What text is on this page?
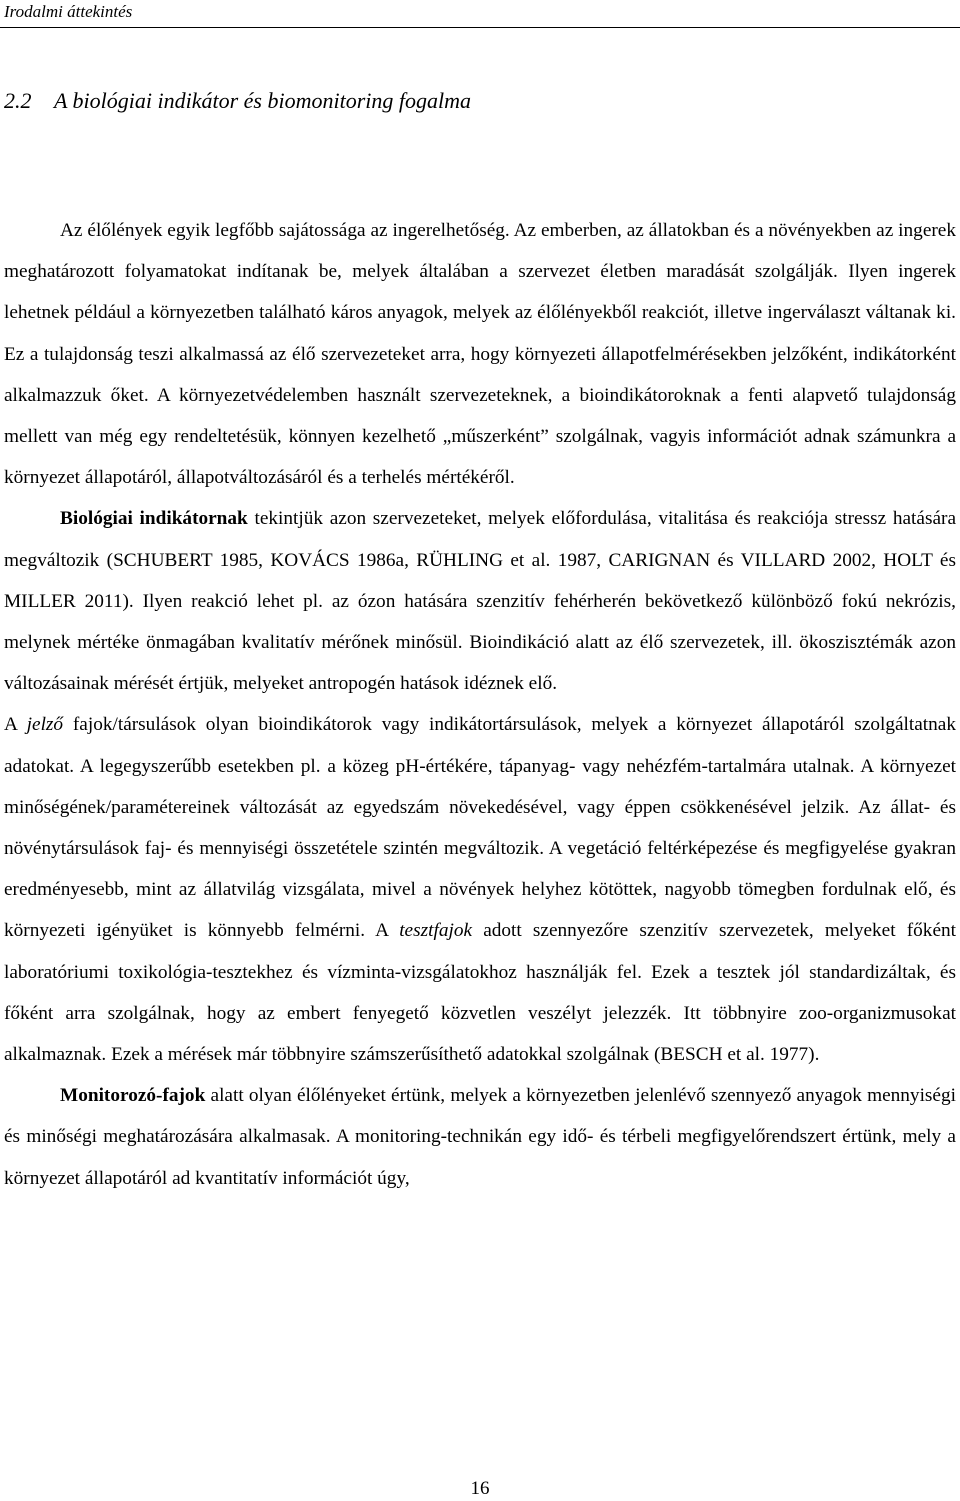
Irodalmi áttekintés
2.2 A biológiai indikátor és biomonitoring fogalma

Az élőlények egyik legfőbb sajátossága az ingerelhetőség. Az emberben, az állatokban és a növényekben az ingerek meghatározott folyamatokat indítanak be, melyek általában a szervezet életben maradását szolgálják. Ilyen ingerek lehetnek például a környezetben található káros anyagok, melyek az élőlényekből reakciót, illetve ingerválaszt váltanak ki. Ez a tulajdonság teszi alkalmassá az élő szervezeteket arra, hogy környezeti állapotfelmérésekben jelzőként, indikátorként alkalmazzuk őket. A környezetvédelemben használt szervezeteknek, a bioindikátoroknak a fenti alapvető tulajdonság mellett van még egy rendeltetésük, könnyen kezelhető „műszerként” szolgálnak, vagyis információt adnak számunkra a környezet állapotáról, állapotváltozásáról és a terhelés mértékéről.

Biológiai indikátornak tekintjük azon szervezeteket, melyek előfordulása, vitalitása és reakciója stressz hatására megváltozik (SCHUBERT 1985, KOVÁCS 1986a, RÜHLING et al. 1987, CARIGNAN és VILLARD 2002, HOLT és MILLER 2011). Ilyen reakció lehet pl. az ózon hatására szenzitív fehérherén bekövetkező különböző fokú nekrózis, melynek mértéke önmagában kvalitatív mérőnek minősül. Bioindikáció alatt az élő szervezetek, ill. ökoszisztémák azon változásainak mérését értjük, melyeket antropogén hatások idéznek elő.

A jelző fajok/társulások olyan bioindikátorok vagy indikátortársulások, melyek a környezet állapotáról szolgáltatnak adatokat. A legegyszerűbb esetekben pl. a közeg pH-értékére, tápanyag- vagy nehézfém-tartalmára utalnak. A környezet minőségének/paramétereinek változását az egyedszám növekedésével, vagy éppen csökkenésével jelzik. Az állat- és növénytársulások faj- és mennyiségi összetétele szintén megváltozik. A vegetáció feltérképezése és megfigyelése gyakran eredményesebb, mint az állatvilág vizsgálata, mivel a növények helyhez kötöttek, nagyobb tömegben fordulnak elő, és környezeti igényüket is könnyebb felmérni. A tesztfajok adott szennyezőre szenzitív szervezetek, melyeket főként laboratóriumi toxikológia-tesztekhez és vízminta-vizsgálatokhoz használják fel. Ezek a tesztek jól standardizáltak, és főként arra szolgálnak, hogy az embert fenyegető közvetlen veszélyt jelezzék. Itt többnyire zoo-organizmusokat alkalmaznak. Ezek a mérések már többnyire számszerűsíthető adatokkal szolgálnak (BESCH et al. 1977).

Monitorozó-fajok alatt olyan élőlényeket értünk, melyek a környezetben jelenlévő szennyező anyagok mennyiségi és minőségi meghatározására alkalmasak. A monitoring-technikán egy idő- és térbeli megfigyelőrendszert értünk, mely a környezet állapotáról ad kvantitatív információt úgy,

16
